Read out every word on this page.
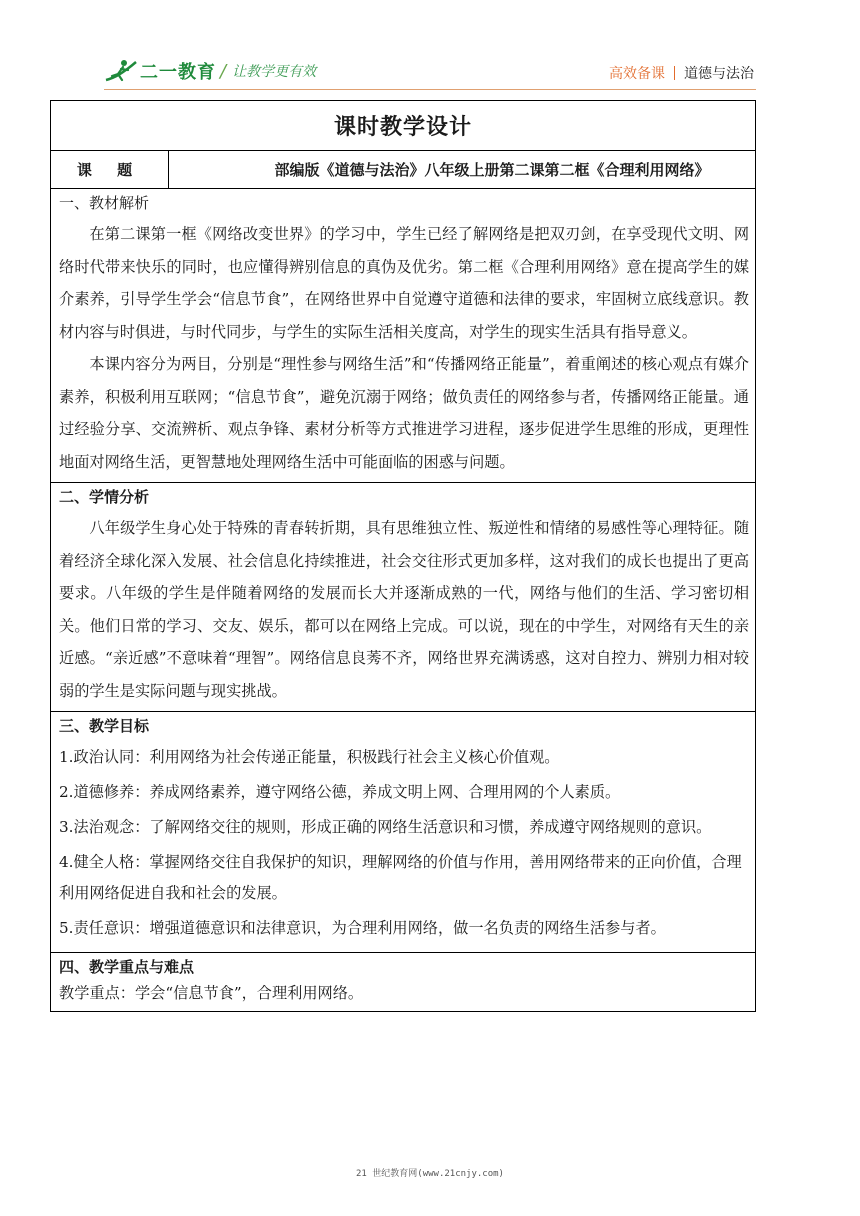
二一教育 / 让教学更有效	高效备课 道德与法治
课时教学设计
课 题	部编版《道德与法治》八年级上册第二课第二框《合理利用网络》
一、教材解析

在第二课第一框《网络改变世界》的学习中，学生已经了解网络是把双刃剑，在享受现代文明、网络时代带来快乐的同时，也应懂得辨别信息的真伪及优劣。第二框《合理利用网络》意在提高学生的媒介素养，引导学生学会“信息节食”，在网络世界中自觉遵守道德和法律的要求，牢固树立底线意识。教材内容与时俱进，与时代同步，与学生的实际生活相关度高，对学生的现实生活具有指导意义。

本课内容分为两目，分别是“理性参与网络生活”和“传播网络正能量”，着重阐述的核心观点有媒介素养，积极利用互联网；“信息节食”，避免沉溺于网络；做负责任的网络参与者，传播网络正能量。通过经验分享、交流辨析、观点争锋、素材分析等方式推进学习进程，逐步促进学生思维的形成，更理性地面对网络生活，更智慧地处理网络生活中可能面临的困惑与问题。

二、学情分析

八年级学生身心处于特殊的青春转折期，具有思维独立性、叛逆性和情绪的易感性等心理特征。随着经济全球化深入发展、社会信息化持续推进，社会交往形式更加多样，这对我们的成长也提出了更高要求。八年级的学生是伴随着网络的发展而长大并逐渐成熟的一代，网络与他们的生活、学习密切相关。他们日常的学习、交友、娱乐，都可以在网络上完成。可以说，现在的中学生，对网络有天生的亲近感。“亲近感”不意味着“理智”。网络信息良莠不齐，网络世界充满诱惑，这对自控力、辨别力相对较弱的学生是实际问题与现实挑战。

三、教学目标

1.政治认同：利用网络为社会传递正能量，积极践行社会主义核心价值观。

2.道德修养：养成网络素养，遵守网络公德，养成文明上网、合理用网的个人素质。

3.法治观念：了解网络交往的规则，形成正确的网络生活意识和习惯，养成遵守网络规则的意识。

4.健全人格：掌握网络交往自我保护的知识，理解网络的价值与作用，善用网络带来的正向价值，合理利用网络促进自我和社会的发展。

5.责任意识：增强道德意识和法律意识，为合理利用网络，做一名负责的网络生活参与者。

四、教学重点与难点

教学重点：学会“信息节食”，合理利用网络。

21 世纪教育网(www.21cnjy.com)
